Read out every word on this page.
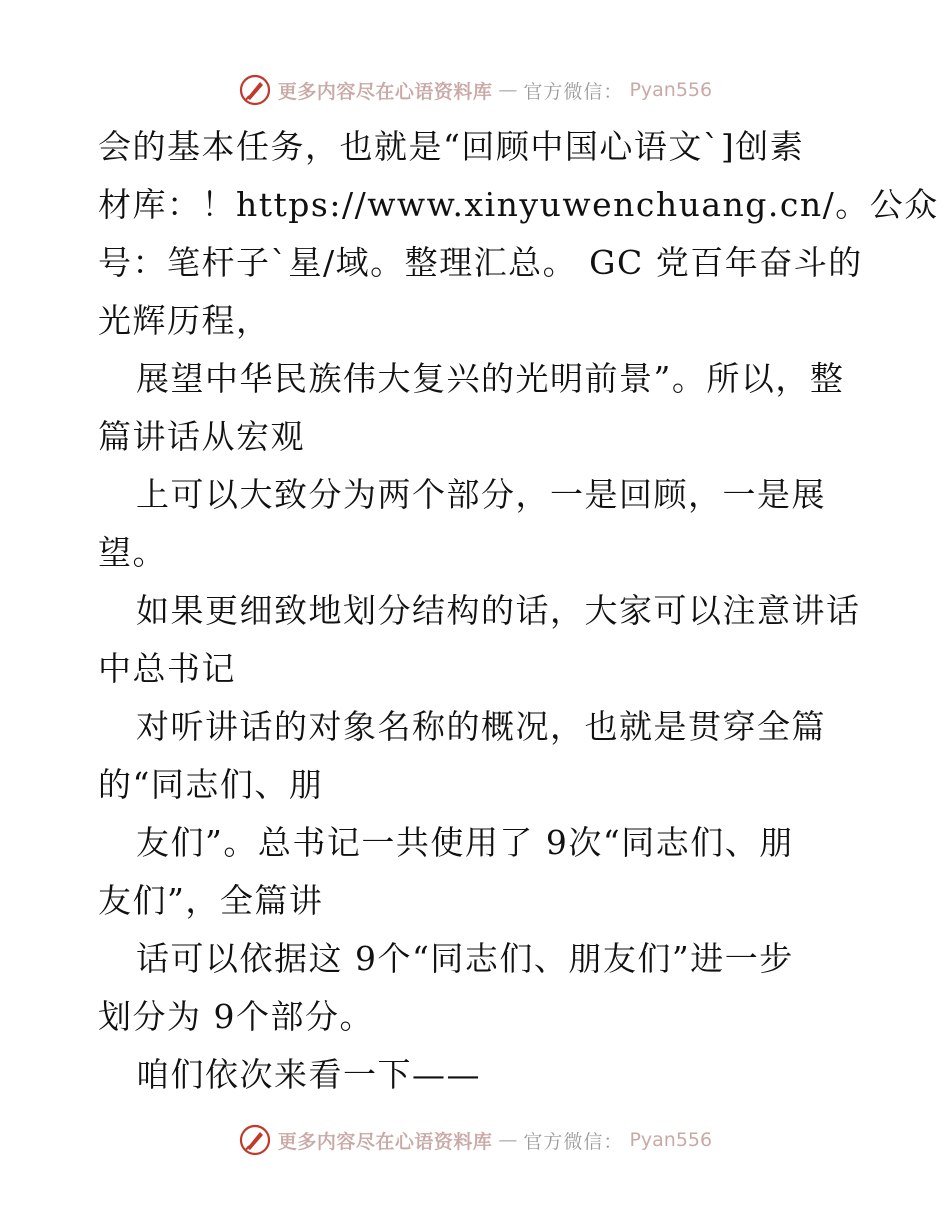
更多内容尽在心语资料库 — 官方微信： Pyan556
会的基本任务，也就是“回顾中国心语文`]创素
材库：！https://www.xinyuwenchuang.cn/。公众
号：笔杆子`星/域。整理汇总。 GC 党百年奋斗的
光辉历程，
展望中华民族伟大复兴的光明前景”。所以，整
篇讲话从宏观
上可以大致分为两个部分，一是回顾，一是展
望。
如果更细致地划分结构的话，大家可以注意讲话
中总书记
对听讲话的对象名称的概况，也就是贯穿全篇
的“同志们、朋
友们”。总书记一共使用了 9次“同志们、朋
友们”，全篇讲
话可以依据这 9个“同志们、朋友们”进一步
划分为 9个部分。
咱们依次来看一下——
更多内容尽在心语资料库 — 官方微信： Pyan556
